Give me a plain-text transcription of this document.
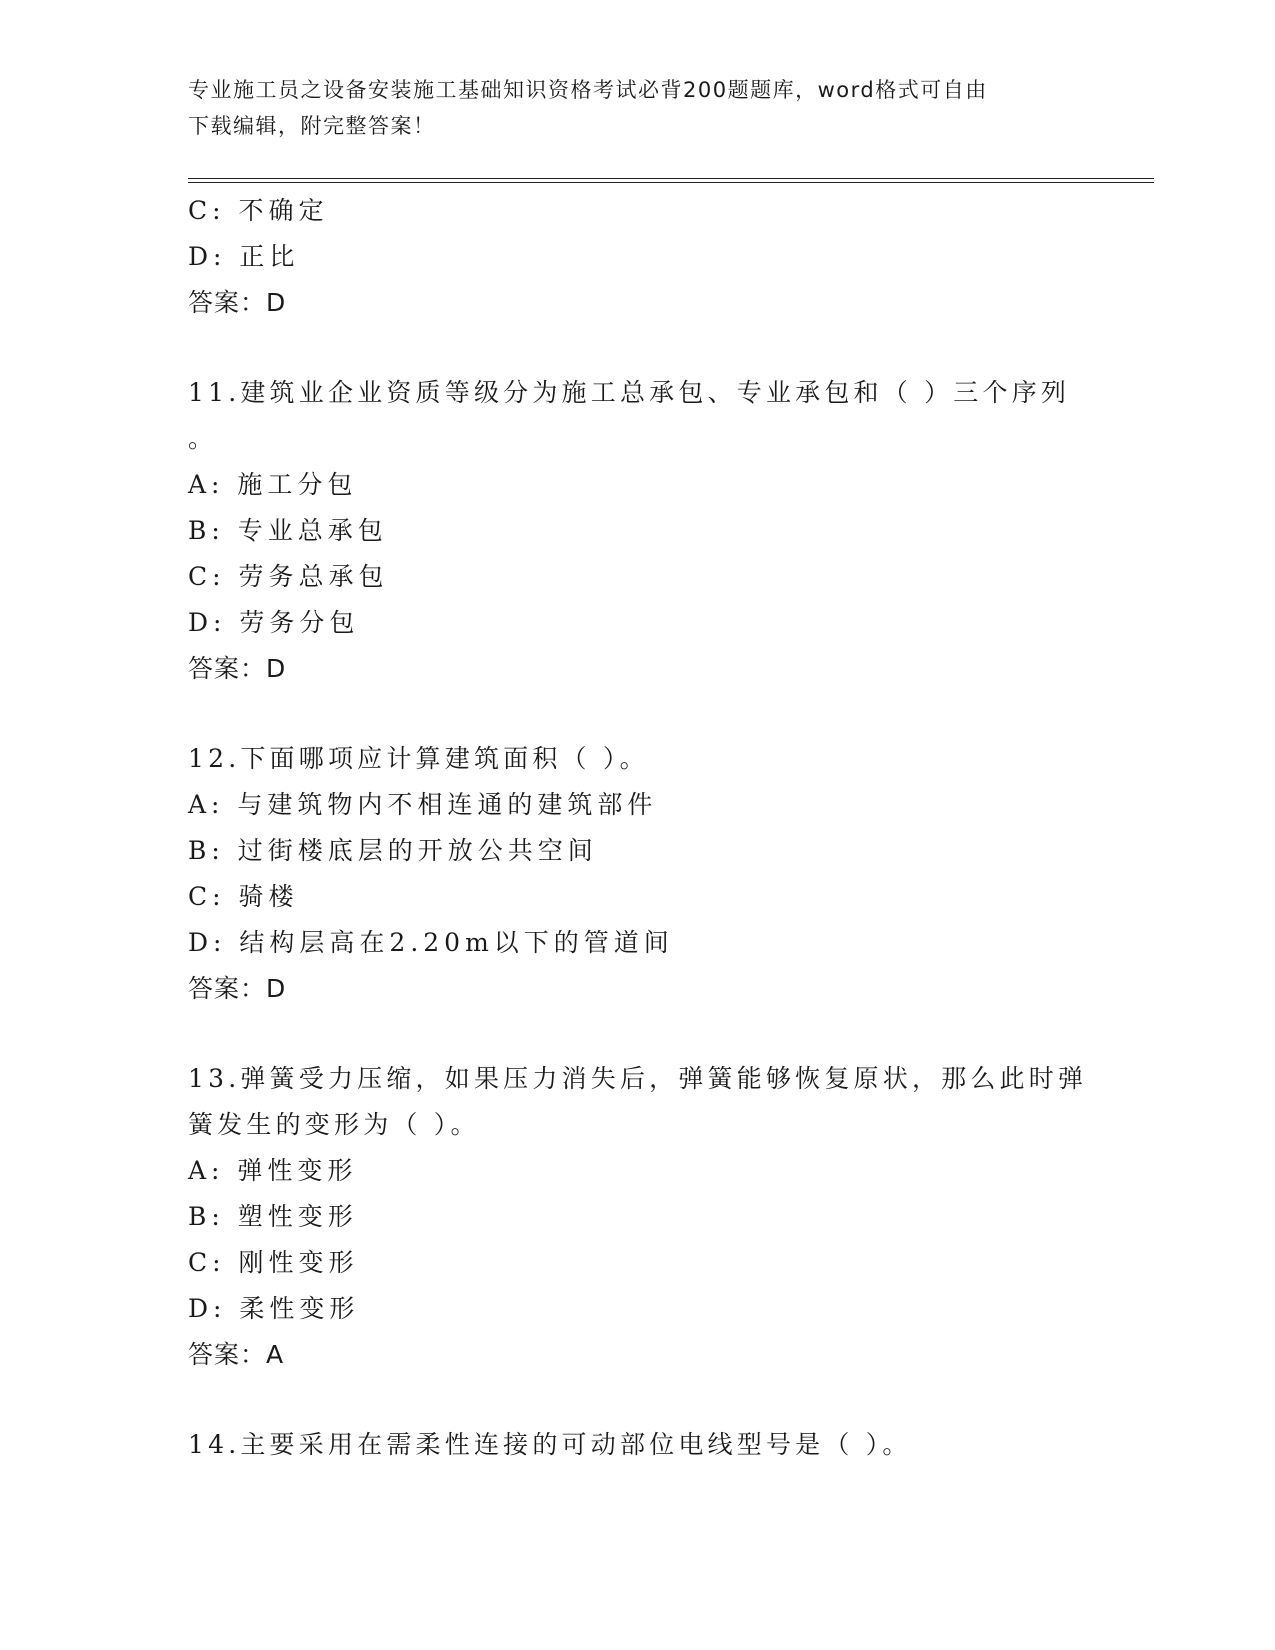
专业施工员之设备安装施工基础知识资格考试必背200题题库，word格式可自由
下载编辑，附完整答案！
C: 不确定
D: 正比
答案：D
11.建筑业企业资质等级分为施工总承包、专业承包和（ ）三个序列
。
A: 施工分包
B: 专业总承包
C: 劳务总承包
D: 劳务分包
答案：D
12.下面哪项应计算建筑面积（ ）。
A: 与建筑物内不相连通的建筑部件
B: 过街楼底层的开放公共空间
C: 骑楼
D: 结构层高在2.20m以下的管道间
答案：D
13.弹簧受力压缩，如果压力消失后，弹簧能够恢复原状，那么此时弹
簧发生的变形为（ ）。
A: 弹性变形
B: 塑性变形
C: 刚性变形
D: 柔性变形
答案：A
14.主要采用在需柔性连接的可动部位电线型号是（ ）。
